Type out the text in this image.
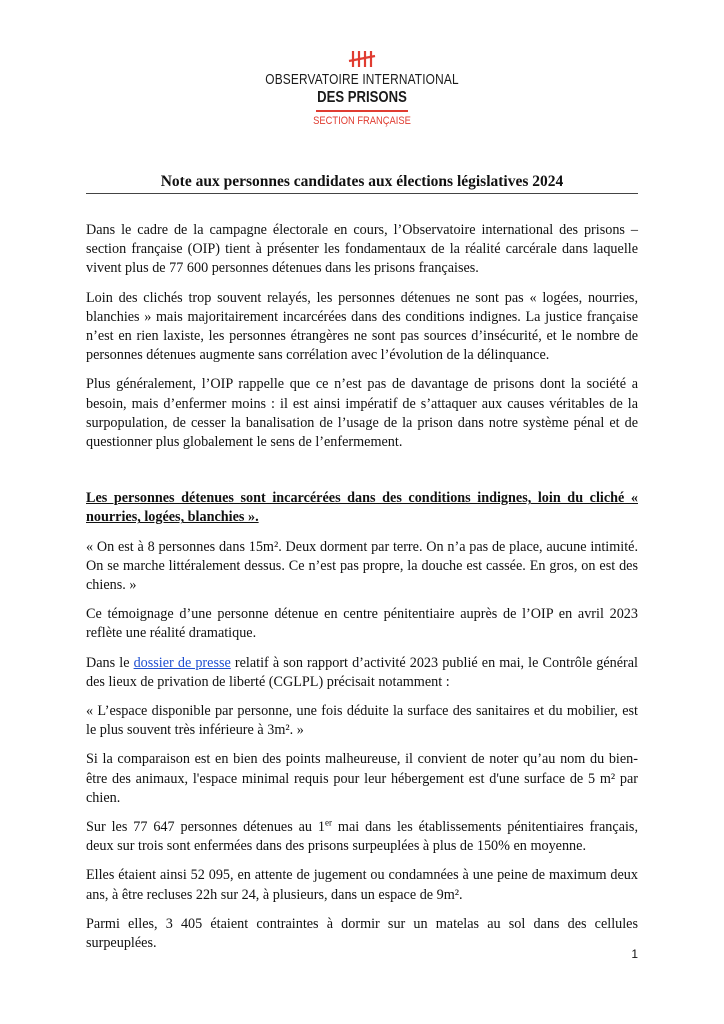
OBSERVATOIRE INTERNATIONAL
DES PRISONS
SECTION FRANÇAISE
Note aux personnes candidates aux élections législatives 2024

Dans le cadre de la campagne électorale en cours, l’Observatoire international des prisons – section française (OIP) tient à présenter les fondamentaux de la réalité carcérale dans laquelle vivent plus de 77 600 personnes détenues dans les prisons françaises.

Loin des clichés trop souvent relayés, les personnes détenues ne sont pas « logées, nourries, blanchies » mais majoritairement incarcérées dans des conditions indignes. La justice française n’est en rien laxiste, les personnes étrangères ne sont pas sources d’insécurité, et le nombre de personnes détenues augmente sans corrélation avec l’évolution de la délinquance.

Plus généralement, l’OIP rappelle que ce n’est pas de davantage de prisons dont la société a besoin, mais d’enfermer moins : il est ainsi impératif de s’attaquer aux causes véritables de la surpopulation, de cesser la banalisation de l’usage de la prison dans notre système pénal et de questionner plus globalement le sens de l’enfermement.

Les personnes détenues sont incarcérées dans des conditions indignes, loin du cliché « nourries, logées, blanchies ».

« On est à 8 personnes dans 15m². Deux dorment par terre. On n’a pas de place, aucune intimité. On se marche littéralement dessus. Ce n’est pas propre, la douche est cassée. En gros, on est des chiens. »

Ce témoignage d’une personne détenue en centre pénitentiaire auprès de l’OIP en avril 2023 reflète une réalité dramatique.

Dans le dossier de presse relatif à son rapport d’activité 2023 publié en mai, le Contrôle général des lieux de privation de liberté (CGLPL) précisait notamment :

« L’espace disponible par personne, une fois déduite la surface des sanitaires et du mobilier, est le plus souvent très inférieure à 3m². »

Si la comparaison est en bien des points malheureuse, il convient de noter qu’au nom du bien-être des animaux, l'espace minimal requis pour leur hébergement est d'une surface de 5 m² par chien.

Sur les 77 647 personnes détenues au 1er mai dans les établissements pénitentiaires français, deux sur trois sont enfermées dans des prisons surpeuplées à plus de 150% en moyenne.

Elles étaient ainsi 52 095, en attente de jugement ou condamnées à une peine de maximum deux ans, à être recluses 22h sur 24, à plusieurs, dans un espace de 9m².

Parmi elles, 3 405 étaient contraintes à dormir sur un matelas au sol dans des cellules surpeuplées.

1
